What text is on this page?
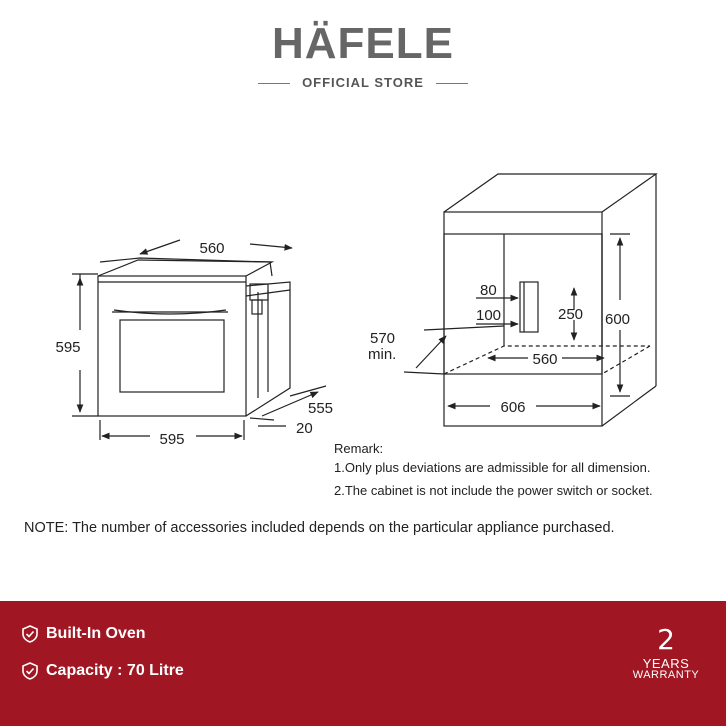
HÄFELE
OFFICIAL STORE
560
595
595
555
20
80
100	250 600
570
min.	560
606
Remark:
1.Only plus deviations are admissible for all dimension.
2.The cabinet is not include the power switch or socket.
NOTE: The number of accessories included depends on the particular appliance purchased.
Built-In Oven
Capacity : 70 Litre
2
YEARS
WARRANTY
